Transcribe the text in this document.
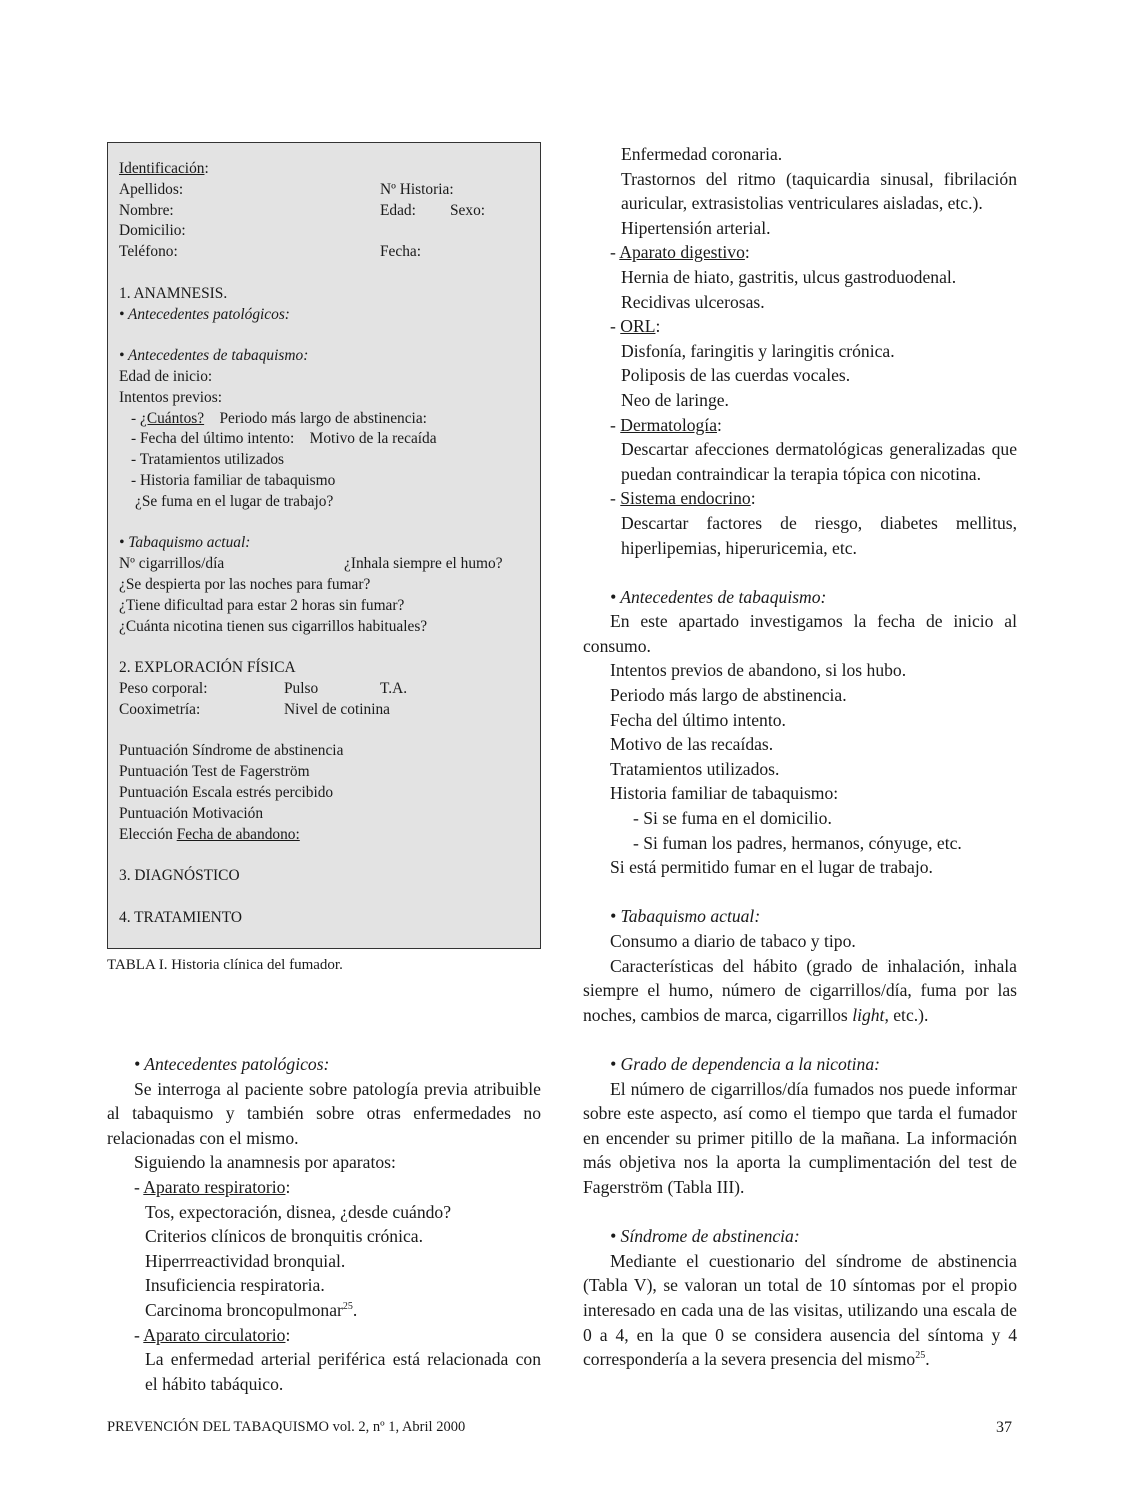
Identificación:
Apellidos:	Nº Historia:
Nombre:	Edad:	Sexo:
Domicilio:
Teléfono:	Fecha:
1. ANAMNESIS.
• Antecedentes patológicos:
• Antecedentes de tabaquismo:
Edad de inicio:
Intentos previos:
- ¿Cuántos?    Periodo más largo de abstinencia:
- Fecha del último intento:    Motivo de la recaída
- Tratamientos utilizados
- Historia familiar de tabaquismo
¿Se fuma en el lugar de trabajo?
• Tabaquismo actual:
Nº cigarrillos/día	¿Inhala siempre el humo?
¿Se despierta por las noches para fumar?
¿Tiene dificultad para estar 2 horas sin fumar?
¿Cuánta nicotina tienen sus cigarrillos habituales?
2. EXPLORACIÓN FÍSICA
Peso corporal:	Pulso	T.A.
Cooximetría:	Nivel de cotinina
Puntuación Síndrome de abstinencia
Puntuación Test de Fagerström
Puntuación Escala estrés percibido
Puntuación Motivación
Elección Fecha de abandono:
3. DIAGNÓSTICO
4. TRATAMIENTO
TABLA I. Historia clínica del fumador.

• Antecedentes patológicos:

Se interroga al paciente sobre patología previa atribuible al tabaquismo y también sobre otras enfermedades no relacionadas con el mismo.

Siguiendo la anamnesis por aparatos:

- Aparato respiratorio:

Tos, expectoración, disnea, ¿desde cuándo?

Criterios clínicos de bronquitis crónica.

Hiperrreactividad bronquial.

Insuficiencia respiratoria.

Carcinoma broncopulmonar$^{25}$.

- Aparato circulatorio:

La enfermedad arterial periférica está relacionada con el hábito tabáquico.

Enfermedad coronaria.

Trastornos del ritmo (taquicardia sinusal, fibrilación auricular, extrasistolias ventriculares aisladas, etc.).

Hipertensión arterial.

- Aparato digestivo:

Hernia de hiato, gastritis, ulcus gastroduodenal.

Recidivas ulcerosas.

- ORL:

Disfonía, faringitis y laringitis crónica.

Poliposis de las cuerdas vocales.

Neo de laringe.

- Dermatología:

Descartar afecciones dermatológicas generalizadas que puedan contraindicar la terapia tópica con nicotina.

- Sistema endocrino:

Descartar factores de riesgo, diabetes mellitus, hiperlipemias, hiperuricemia, etc.

• Antecedentes de tabaquismo:

En este apartado investigamos la fecha de inicio al consumo.

Intentos previos de abandono, si los hubo.

Periodo más largo de abstinencia.

Fecha del último intento.

Motivo de las recaídas.

Tratamientos utilizados.

Historia familiar de tabaquismo:

- Si se fuma en el domicilio.

- Si fuman los padres, hermanos, cónyuge, etc.

Si está permitido fumar en el lugar de trabajo.

• Tabaquismo actual:

Consumo a diario de tabaco y tipo.

Características del hábito (grado de inhalación, inhala siempre el humo, número de cigarrillos/día, fuma por las noches, cambios de marca, cigarrillos light, etc.).

• Grado de dependencia a la nicotina:

El número de cigarrillos/día fumados nos puede informar sobre este aspecto, así como el tiempo que tarda el fumador en encender su primer pitillo de la mañana. La información más objetiva nos la aporta la cumplimentación del test de Fagerström (Tabla III).

• Síndrome de abstinencia:

Mediante el cuestionario del síndrome de abstinencia (Tabla V), se valoran un total de 10 síntomas por el propio interesado en cada una de las visitas, utilizando una escala de 0 a 4, en la que 0 se considera ausencia del síntoma y 4 correspondería a la severa presencia del mismo$^{25}$.

PREVENCIÓN DEL TABAQUISMO vol. 2, nº 1, Abril 2000	37
